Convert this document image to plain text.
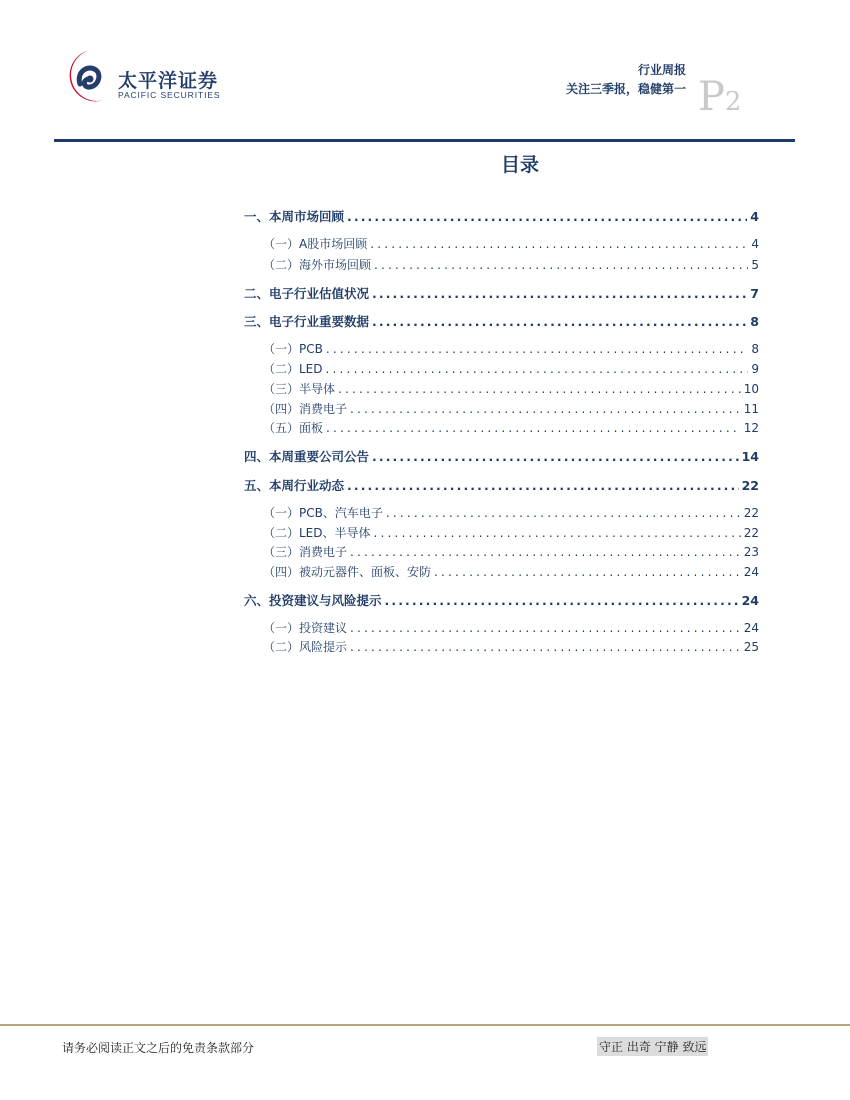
太平洋证券
PACIFIC SECURITIES
行业周报
关注三季报，稳健第一 P2
目录
一、本周市场回顾 .....	4
（一）A股市场回顾 .....	4
（二）海外市场回顾 .....	5
二、电子行业估值状况 .....	7
三、电子行业重要数据 .....	8
（一）PCB .....	8
（二）LED .....	9
（三）半导体 .....	10
（四）消费电子 .....	11
（五）面板 .....	12
四、本周重要公司公告 .....	14
五、本周行业动态 .....	22
（一）PCB、汽车电子 .....	22
（二）LED、半导体 .....	22
（三）消费电子 .....	23
（四）被动元器件、面板、安防 .....	24
六、投资建议与风险提示 .....	24
（一）投资建议 .....	24
（二）风险提示 .....	25
请务必阅读正文之后的免责条款部分	守正 出奇 宁静 致远
